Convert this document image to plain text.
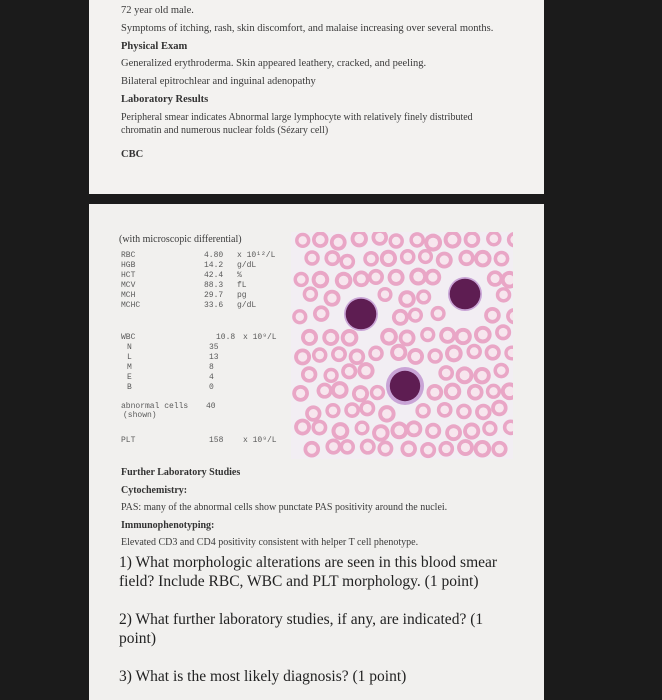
72 year old male.
Symptoms of itching, rash, skin discomfort, and malaise increasing over several months.
Physical Exam
Generalized erythroderma. Skin appeared leathery, cracked, and peeling.
Bilateral epitrochlear and inguinal adenopathy
Laboratory Results
Peripheral smear indicates Abnormal large lymphocyte with relatively finely distributed
chromatin and numerous nuclear folds (Sézary cell)
CBC
(with microscopic differential)
RBC	4.80 x 10¹²/L
HGB	14.2 g/dL
HCT	42.4 %
MCV	88.3 fL
MCH	29.7 pg
MCHC	33.6 g/dL
WBC	10.8 x 10⁹/L
N	35
L	13
M	8
E	4
B	0
abnormal cells 40
(shown)
PLT	158 x 10⁹/L
Further Laboratory Studies
Cytochemistry:
PAS: many of the abnormal cells show punctate PAS positivity around the nuclei.
Immunophenotyping:
Elevated CD3 and CD4 positivity consistent with helper T cell phenotype.
1) What morphologic alterations are seen in this blood smear
field? Include RBC, WBC and PLT morphology. (1 point)
2) What further laboratory studies, if any, are indicated? (1
point)
3) What is the most likely diagnosis? (1 point)
